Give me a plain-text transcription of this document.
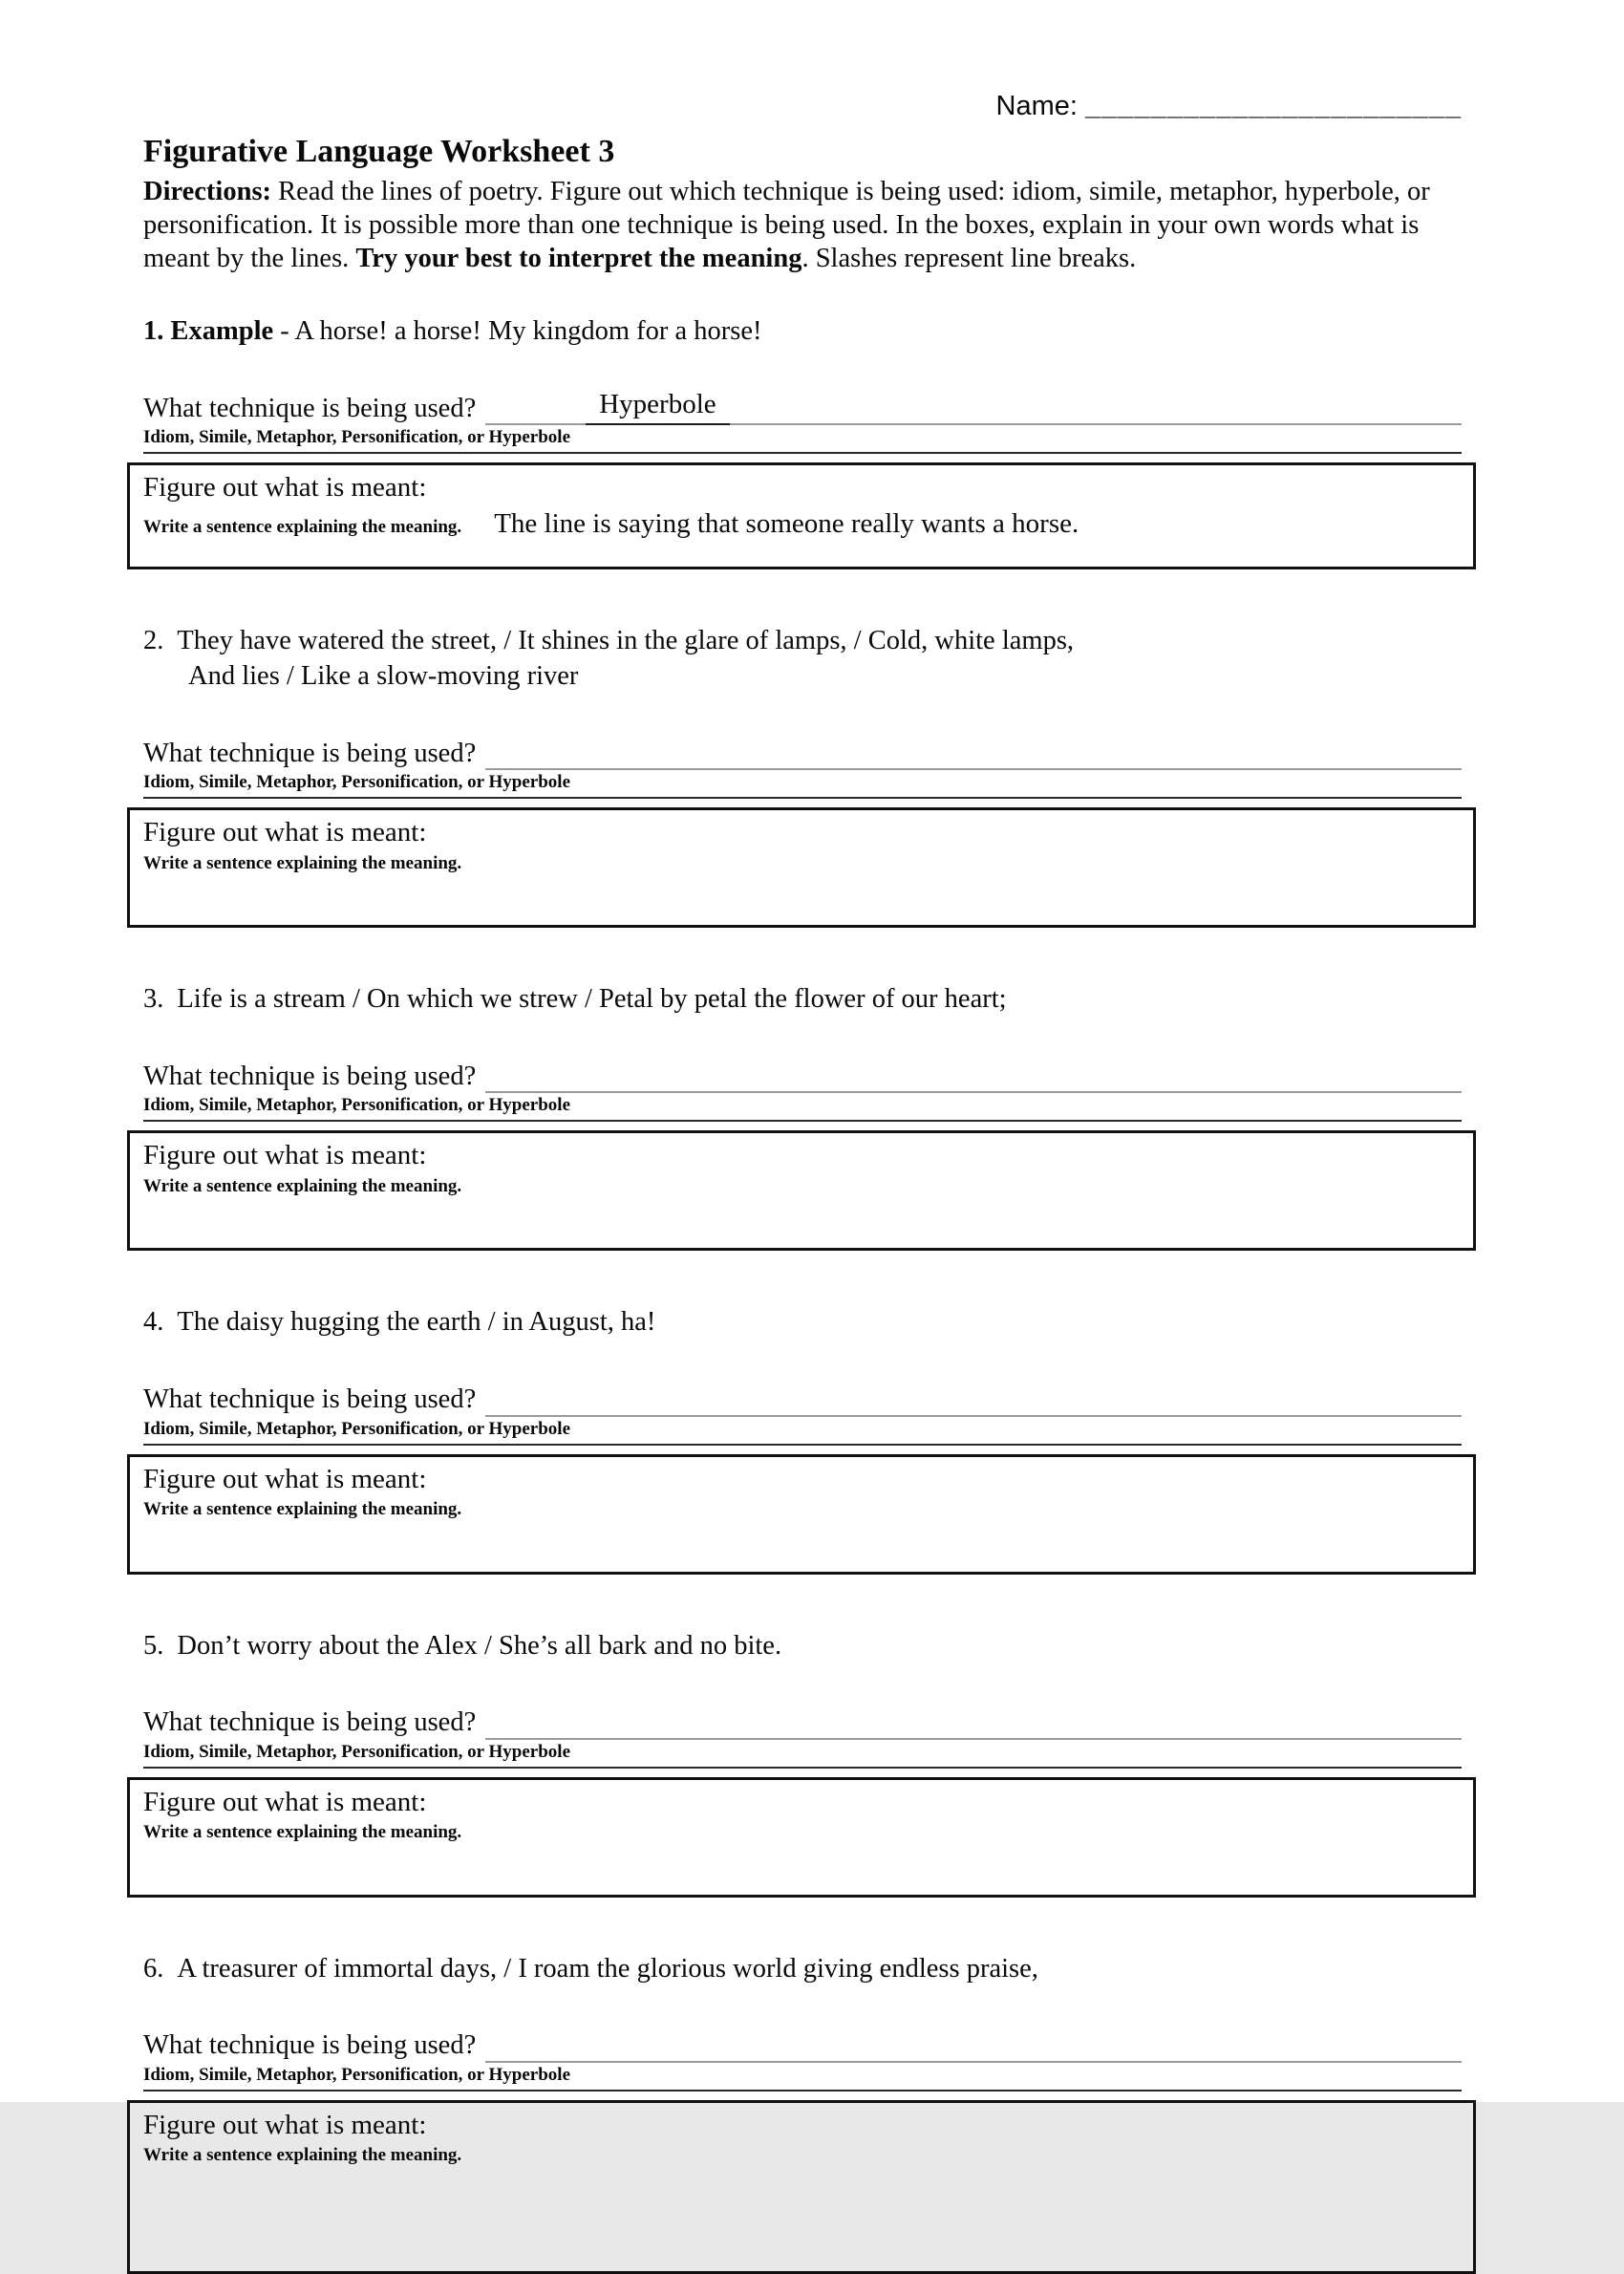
Name: _______________________
Figurative Language Worksheet 3
Directions: Read the lines of poetry. Figure out which technique is being used: idiom, simile, metaphor, hyperbole, or personification. It is possible more than one technique is being used. In the boxes, explain in your own words what is meant by the lines. Try your best to interpret the meaning. Slashes represent line breaks.
1. Example - A horse! a horse! My kingdom for a horse!
What technique is being used?	Hyperbole
Idiom, Simile, Metaphor, Personification, or Hyperbole
Figure out what is meant:
Write a sentence explaining the meaning. The line is saying that someone really wants a horse.
2. They have watered the street, / It shines in the glare of lamps, / Cold, white lamps,
And lies / Like a slow-moving river
What technique is being used?
Idiom, Simile, Metaphor, Personification, or Hyperbole
Figure out what is meant:
Write a sentence explaining the meaning.
3. Life is a stream / On which we strew / Petal by petal the flower of our heart;
What technique is being used?
Idiom, Simile, Metaphor, Personification, or Hyperbole
Figure out what is meant:
Write a sentence explaining the meaning.
4. The daisy hugging the earth / in August, ha!
What technique is being used?
Idiom, Simile, Metaphor, Personification, or Hyperbole
Figure out what is meant:
Write a sentence explaining the meaning.
5. Don’t worry about the Alex / She’s all bark and no bite.
What technique is being used?
Idiom, Simile, Metaphor, Personification, or Hyperbole
Figure out what is meant:
Write a sentence explaining the meaning.
6. A treasurer of immortal days, / I roam the glorious world giving endless praise,
What technique is being used?
Idiom, Simile, Metaphor, Personification, or Hyperbole
Figure out what is meant:
Write a sentence explaining the meaning.
